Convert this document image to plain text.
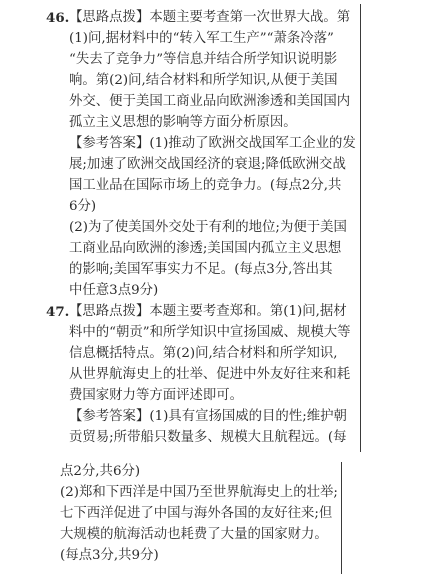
46. 【思路点拨】本题主要考查第一次世界大战。第
(1)问,据材料中的“转入军工生产”“萧条冷落”
“失去了竞争力”等信息并结合所学知识说明影
响。第(2)问,结合材料和所学知识,从便于美国
外交、便于美国工商业品向欧洲渗透和美国国内
孤立主义思想的影响等方面分析原因。
【参考答案】(1)推动了欧洲交战国军工企业的发
展;加速了欧洲交战国经济的衰退;降低欧洲交战
国工业品在国际市场上的竞争力。(每点2分,共
6分)
(2)为了使美国外交处于有利的地位;为便于美国
工商业品向欧洲的渗透;美国国内孤立主义思想
的影响;美国军事实力不足。(每点3分,答出其
中任意3点9分)
47. 【思路点拨】本题主要考查郑和。第(1)问,据材
料中的“朝贡”和所学知识中宣扬国威、规模大等
信息概括特点。第(2)问,结合材料和所学知识,
从世界航海史上的壮举、促进中外友好往来和耗
费国家财力等方面评述即可。
【参考答案】(1)具有宣扬国威的目的性;维护朝
贡贸易;所带船只数量多、规模大且航程远。(每
点2分,共6分)
(2)郑和下西洋是中国乃至世界航海史上的壮举;
七下西洋促进了中国与海外各国的友好往来;但
大规模的航海活动也耗费了大量的国家财力。
(每点3分,共9分)
